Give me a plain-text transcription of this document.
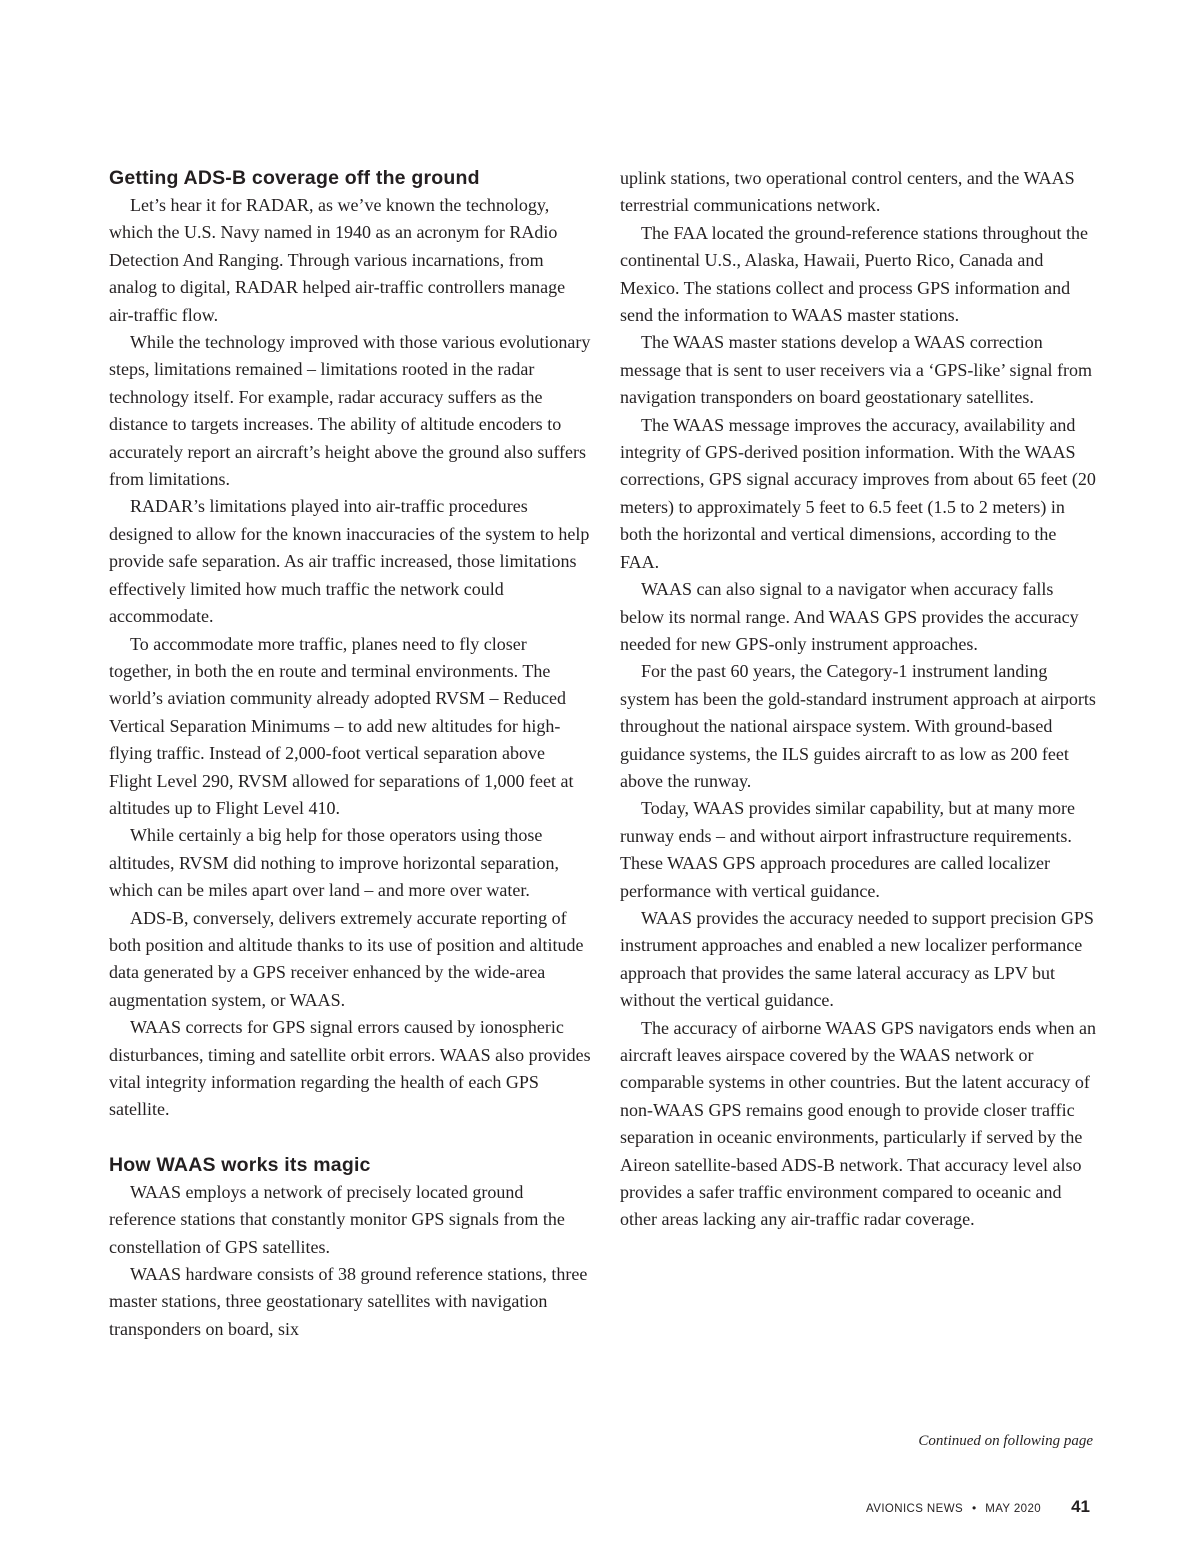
Getting ADS-B coverage off the ground

Let’s hear it for RADAR, as we’ve known the technology, which the U.S. Navy named in 1940 as an acronym for RAdio Detection And Ranging. Through various incarnations, from analog to digital, RADAR helped air-traffic controllers manage air-traffic flow.

While the technology improved with those various evolutionary steps, limitations remained – limitations rooted in the radar technology itself. For example, radar accuracy suffers as the distance to targets increases. The ability of altitude encoders to accurately report an aircraft’s height above the ground also suffers from limitations.

RADAR’s limitations played into air-traffic procedures designed to allow for the known inaccuracies of the system to help provide safe separation. As air traffic increased, those limitations effectively limited how much traffic the network could accommodate.

To accommodate more traffic, planes need to fly closer together, in both the en route and terminal environments. The world’s aviation community already adopted RVSM – Reduced Vertical Separation Minimums – to add new altitudes for high-flying traffic. Instead of 2,000-foot vertical separation above Flight Level 290, RVSM allowed for separations of 1,000 feet at altitudes up to Flight Level 410.

While certainly a big help for those operators using those altitudes, RVSM did nothing to improve horizontal separation, which can be miles apart over land – and more over water.

ADS-B, conversely, delivers extremely accurate reporting of both position and altitude thanks to its use of position and altitude data generated by a GPS receiver enhanced by the wide-area augmentation system, or WAAS.

WAAS corrects for GPS signal errors caused by ionospheric disturbances, timing and satellite orbit errors. WAAS also provides vital integrity information regarding the health of each GPS satellite.

How WAAS works its magic

WAAS employs a network of precisely located ground reference stations that constantly monitor GPS signals from the constellation of GPS satellites.

WAAS hardware consists of 38 ground reference stations, three master stations, three geostationary satellites with navigation transponders on board, six

uplink stations, two operational control centers, and the WAAS terrestrial communications network.

The FAA located the ground-reference stations throughout the continental U.S., Alaska, Hawaii, Puerto Rico, Canada and Mexico. The stations collect and process GPS information and send the information to WAAS master stations.

The WAAS master stations develop a WAAS correction message that is sent to user receivers via a ‘GPS-like’ signal from navigation transponders on board geostationary satellites.

The WAAS message improves the accuracy, availability and integrity of GPS-derived position information. With the WAAS corrections, GPS signal accuracy improves from about 65 feet (20 meters) to approximately 5 feet to 6.5 feet (1.5 to 2 meters) in both the horizontal and vertical dimensions, according to the FAA.

WAAS can also signal to a navigator when accuracy falls below its normal range. And WAAS GPS provides the accuracy needed for new GPS-only instrument approaches.

For the past 60 years, the Category-1 instrument landing system has been the gold-standard instrument approach at airports throughout the national airspace system. With ground-based guidance systems, the ILS guides aircraft to as low as 200 feet above the runway.

Today, WAAS provides similar capability, but at many more runway ends – and without airport infrastructure requirements. These WAAS GPS approach procedures are called localizer performance with vertical guidance.

WAAS provides the accuracy needed to support precision GPS instrument approaches and enabled a new localizer performance approach that provides the same lateral accuracy as LPV but without the vertical guidance.

The accuracy of airborne WAAS GPS navigators ends when an aircraft leaves airspace covered by the WAAS network or comparable systems in other countries. But the latent accuracy of non-WAAS GPS remains good enough to provide closer traffic separation in oceanic environments, particularly if served by the Aireon satellite-based ADS-B network. That accuracy level also provides a safer traffic environment compared to oceanic and other areas lacking any air-traffic radar coverage.

Continued on following page
AVIONICS NEWS • MAY 2020 41
